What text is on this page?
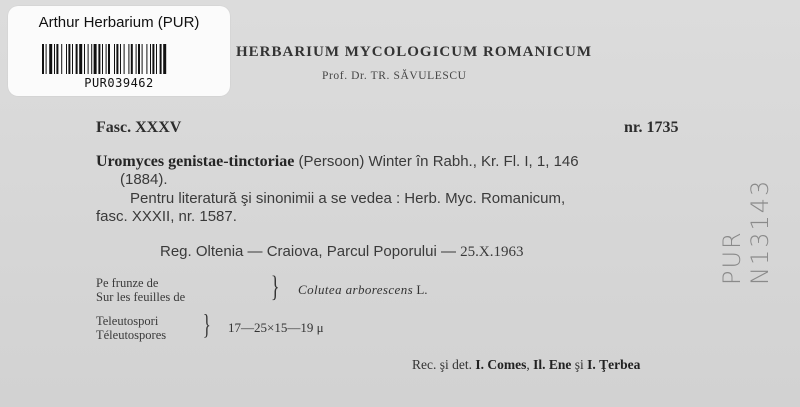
Arthur Herbarium (PUR)
PUR039462
HERBARIUM MYCOLOGICUM ROMANICUM
Prof. Dr. TR. SĂVULESCU
Fasc. XXXV	nr. 1735
Uromyces genistae-tinctoriae (Persoon) Winter în Rabh., Kr. Fl. I, 1, 146
(1884).
Pentru literatură şi sinonimii a se vedea : Herb. Myc. Romanicum,
fasc. XXXII, nr. 1587.
Reg. Oltenia — Craiova, Parcul Poporului — 25.X.1963
Pe frunze de
Sur les feuilles de	} Colutea arborescens L.
Teleutospori
Téleutospores } 17—25×15—19 μ
Rec. şi det. I. Comes, Il. Ene şi I. Ţerbea
PUR N13143
